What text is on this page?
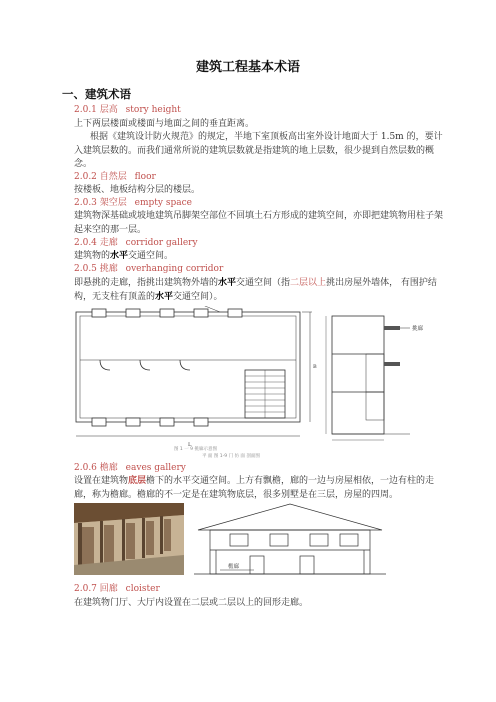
建筑工程基本术语
一、建筑术语
2.0.1 层高 story height
上下两层楼面或楼面与地面之间的垂直距离。
根据《建筑设计防火规范》的规定，半地下室顶板高出室外设计地面大于 1.5m 的，要计入建筑层数的。而我们通常所说的建筑层数就是指建筑的地上层数，很少提到自然层数的概念。
2.0.2 自然层 floor
按楼板、地板结构分层的楼层。
2.0.3 架空层 empty space
建筑物深基础或坡地建筑吊脚架空部位不回填土石方形成的建筑空间，亦即把建筑物用柱子架起来空的那一层。
2.0.4 走廊 corridor gallery
建筑物的水平交通空间。
2.0.5 挑廊 overhanging corridor
即悬挑的走廊，指挑出建筑物外墙的水平交通空间（指二层以上挑出房屋外墙体， 有围护结构，无支柱有顶盖的水平交通空间）。
L
B
挑廊
图 1 一 9 挑廊示意图
平 面 图 1-9 门 仿 面 剖面图
2.0.6 檐廊 eaves gallery
设置在建筑物底层檐下的水平交通空间。上方有飘檐，廊的一边与房屋相依，一边有柱的走廊，称为檐廊。檐廊的不一定是在建筑物底层，很多别墅是在三层，房屋的四周。
檐廊
2.0.7 回廊 cloister
在建筑物门厅、大厅内设置在二层或二层以上的回形走廊。
